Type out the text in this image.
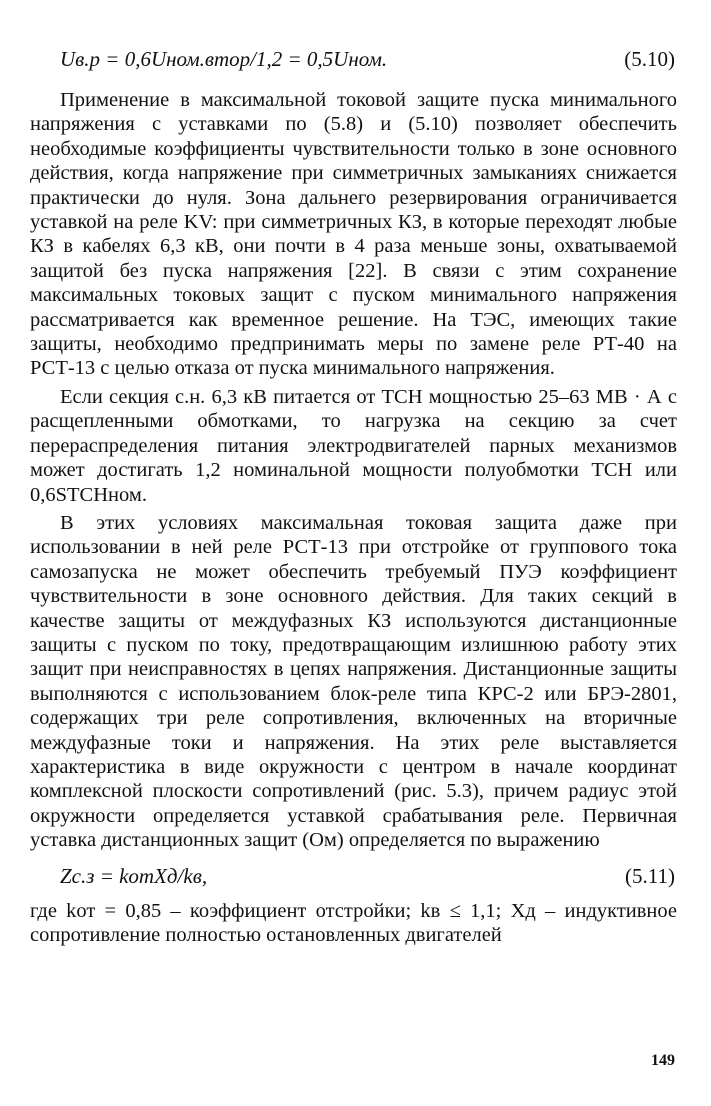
Uв.р = 0,6Uном.втор/1,2 = 0,5Uном.	(5.10)

Применение в максимальной токовой защите пуска минимального напряжения с уставками по (5.8) и (5.10) позволяет обеспечить необходимые коэффициенты чувствительности только в зоне основного действия, когда напряжение при симметричных замыканиях снижается практически до нуля. Зона дальнего резервирования ограничивается уставкой на реле KV: при симметричных КЗ, в которые переходят любые КЗ в кабелях 6,3 кВ, они почти в 4 раза меньше зоны, охватываемой защитой без пуска напряжения [22]. В связи с этим сохранение максимальных токовых защит с пуском минимального напряжения рассматривается как временное решение. На ТЭС, имеющих такие защиты, необходимо предпринимать меры по замене реле РТ-40 на РСТ-13 с целью отказа от пуска минимального напряжения.

Если секция с.н. 6,3 кВ питается от ТСН мощностью 25–63 МВ · А с расщепленными обмотками, то нагрузка на секцию за счет перераспределения питания электродвигателей парных механизмов может достигать 1,2 номинальной мощности полуобмотки ТСН или 0,6SТСНном.

В этих условиях максимальная токовая защита даже при использовании в ней реле РСТ-13 при отстройке от группового тока самозапуска не может обеспечить требуемый ПУЭ коэффициент чувствительности в зоне основного действия. Для таких секций в качестве защиты от междуфазных КЗ используются дистанционные защиты с пуском по току, предотвращающим излишнюю работу этих защит при неисправностях в цепях напряжения. Дистанционные защиты выполняются с использованием блок-реле типа КРС-2 или БРЭ-2801, содержащих три реле сопротивления, включенных на вторичные междуфазные токи и напряжения. На этих реле выставляется характеристика в виде окружности с центром в начале координат комплексной плоскости сопротивлений (рис. 5.3), причем радиус этой окружности определяется уставкой срабатывания реле. Первичная уставка дистанционных защит (Ом) определяется по выражению

Zс.з = kотXд/kв,	(5.11)

где kот = 0,85 – коэффициент отстройки; kв ≤ 1,1; Xд – индуктивное сопротивление полностью остановленных двигателей

149
